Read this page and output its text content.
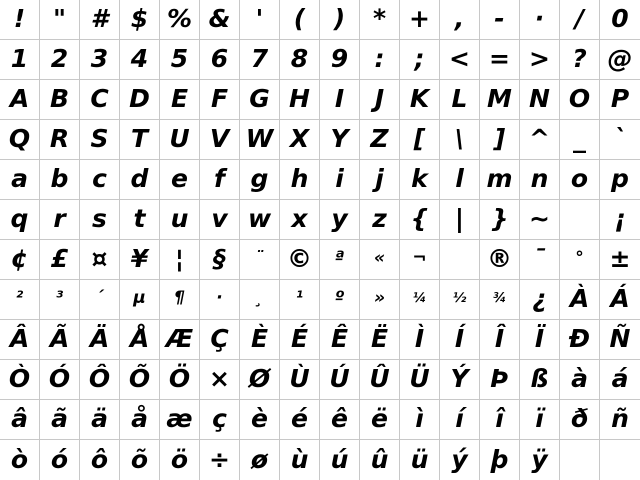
! " # $ % & ' ( ) * + , - · / 0
1 2 3 4 5 6 7 8 9 : ; < = > ? @
A B C D E F G H I J K L M N O P
Q R S T U V W X Y Z [ \ ] ^ _ `
a b c d e f g h i j k l m n o p
q r s t u v w x y z { | } ~	¡
¢ £ ¤ ¥ ¦ § ¨ © ª « ¬ ® ¯ ° ±
² ³ ´ µ ¶ · ¸ ¹ º » ¼ ½ ¾ ¿ À Á
Â Ã Ä Å Æ Ç È É Ê Ë Ì Í Î Ï Ð Ñ
Ò Ó Ô Õ Ö × Ø Ù Ú Û Ü Ý Þ ß à á
â ã ä å æ ç è é ê ë ì í î ï ð ñ
ò ó ô õ ö ÷ ø ù ú û ü ý þ ÿ
